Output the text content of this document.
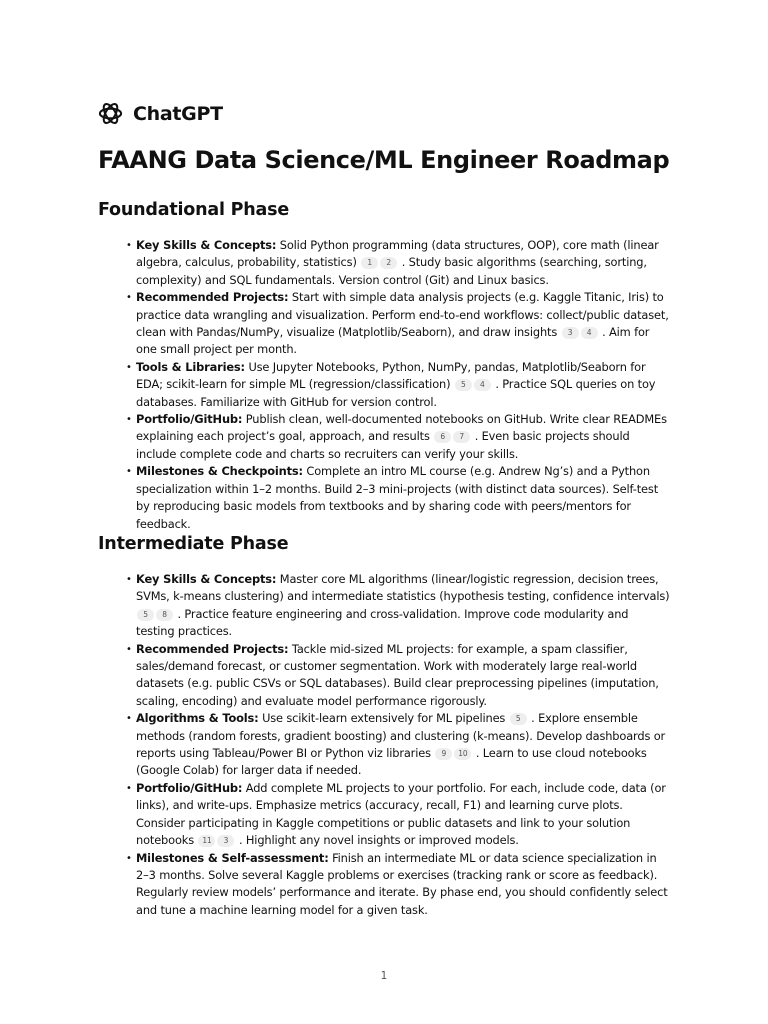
ChatGPT
FAANG Data Science/ML Engineer Roadmap
Foundational Phase
• Key Skills & Concepts: Solid Python programming (data structures, OOP), core math (linear algebra, calculus, probability, statistics) 1 2 . Study basic algorithms (searching, sorting, complexity) and SQL fundamentals. Version control (Git) and Linux basics.
• Recommended Projects: Start with simple data analysis projects (e.g. Kaggle Titanic, Iris) to practice data wrangling and visualization. Perform end-to-end workflows: collect/public dataset, clean with Pandas/NumPy, visualize (Matplotlib/Seaborn), and draw insights 3 4 . Aim for one small project per month.
• Tools & Libraries: Use Jupyter Notebooks, Python, NumPy, pandas, Matplotlib/Seaborn for EDA; scikit-learn for simple ML (regression/classification) 5 4 . Practice SQL queries on toy databases. Familiarize with GitHub for version control.
• Portfolio/GitHub: Publish clean, well-documented notebooks on GitHub. Write clear READMEs explaining each project’s goal, approach, and results 6 7 . Even basic projects should include complete code and charts so recruiters can verify your skills.
• Milestones & Checkpoints: Complete an intro ML course (e.g. Andrew Ng’s) and a Python specialization within 1–2 months. Build 2–3 mini-projects (with distinct data sources). Self-test by reproducing basic models from textbooks and by sharing code with peers/mentors for feedback.
Intermediate Phase
• Key Skills & Concepts: Master core ML algorithms (linear/logistic regression, decision trees, SVMs, k-means clustering) and intermediate statistics (hypothesis testing, confidence intervals) 5 8 . Practice feature engineering and cross-validation. Improve code modularity and testing practices.
• Recommended Projects: Tackle mid-sized ML projects: for example, a spam classifier, sales/demand forecast, or customer segmentation. Work with moderately large real-world datasets (e.g. public CSVs or SQL databases). Build clear preprocessing pipelines (imputation, scaling, encoding) and evaluate model performance rigorously.
• Algorithms & Tools: Use scikit-learn extensively for ML pipelines 5 . Explore ensemble methods (random forests, gradient boosting) and clustering (k-means). Develop dashboards or reports using Tableau/Power BI or Python viz libraries 9 10 . Learn to use cloud notebooks (Google Colab) for larger data if needed.
• Portfolio/GitHub: Add complete ML projects to your portfolio. For each, include code, data (or links), and write-ups. Emphasize metrics (accuracy, recall, F1) and learning curve plots. Consider participating in Kaggle competitions or public datasets and link to your solution notebooks 11 3 . Highlight any novel insights or improved models.
• Milestones & Self-assessment: Finish an intermediate ML or data science specialization in 2–3 months. Solve several Kaggle problems or exercises (tracking rank or score as feedback). Regularly review models’ performance and iterate. By phase end, you should confidently select and tune a machine learning model for a given task.
1
